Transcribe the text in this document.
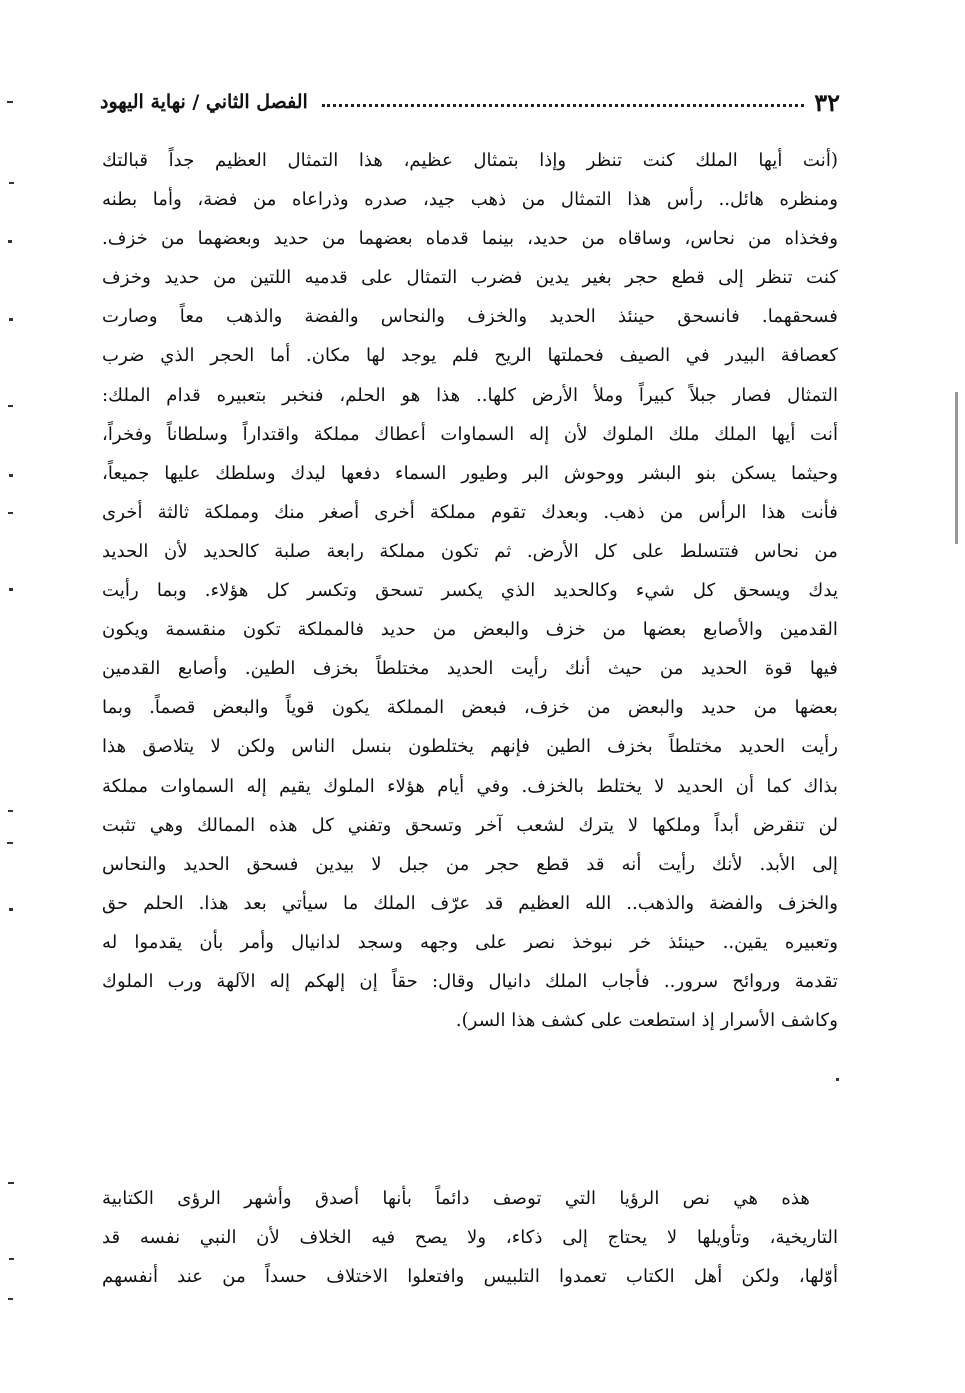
٣٢
الفصل الثاني / نهاية اليهود
(أنت أيها الملك كنت تنظر وإذا بتمثال عظيم، هذا التمثال العظيم جداً قبالتك
ومنظره هائل.. رأس هذا التمثال من ذهب جيد، صدره وذراعاه من فضة، وأما بطنه
وفخذاه من نحاس، وساقاه من حديد، بينما قدماه بعضهما من حديد وبعضهما من خزف.
كنت تنظر إلى قطع حجر بغير يدين فضرب التمثال على قدميه اللتين من حديد وخزف
فسحقهما. فانسحق حينئذ الحديد والخزف والنحاس والفضة والذهب معاً وصارت
كعصافة البيدر في الصيف فحملتها الريح فلم يوجد لها مكان. أما الحجر الذي ضرب
التمثال فصار جبلاً كبيراً وملأ الأرض كلها.. هذا هو الحلم، فنخبر بتعبيره قدام الملك:
أنت أيها الملك ملك الملوك لأن إله السماوات أعطاك مملكة واقتداراً وسلطاناً وفخراً،
وحيثما يسكن بنو البشر ووحوش البر وطيور السماء دفعها ليدك وسلطك عليها جميعاً،
فأنت هذا الرأس من ذهب. وبعدك تقوم مملكة أخرى أصغر منك ومملكة ثالثة أخرى
من نحاس فتتسلط على كل الأرض. ثم تكون مملكة رابعة صلبة كالحديد لأن الحديد
يدك ويسحق كل شيء وكالحديد الذي يكسر تسحق وتكسر كل هؤلاء. وبما رأيت
القدمين والأصابع بعضها من خزف والبعض من حديد فالمملكة تكون منقسمة ويكون
فيها قوة الحديد من حيث أنك رأيت الحديد مختلطاً بخزف الطين. وأصابع القدمين
بعضها من حديد والبعض من خزف، فبعض المملكة يكون قوياً والبعض قصماً. وبما
رأيت الحديد مختلطاً بخزف الطين فإنهم يختلطون بنسل الناس ولكن لا يتلاصق هذا
بذاك كما أن الحديد لا يختلط بالخزف. وفي أيام هؤلاء الملوك يقيم إله السماوات مملكة
لن تنقرض أبداً وملكها لا يترك لشعب آخر وتسحق وتفني كل هذه الممالك وهي تثبت
إلى الأبد. لأنك رأيت أنه قد قطع حجر من جبل لا بيدين فسحق الحديد والنحاس
والخزف والفضة والذهب.. الله العظيم قد عرّف الملك ما سيأتي بعد هذا. الحلم حق
وتعبيره يقين.. حينئذ خر نبوخذ نصر على وجهه وسجد لدانيال وأمر بأن يقدموا له
تقدمة وروائح سرور.. فأجاب الملك دانيال وقال: حقاً إن إلهكم إله الآلهة ورب الملوك
وكاشف الأسرار إذ استطعت على كشف هذا السر).
هذه هي نص الرؤيا التي توصف دائماً بأنها أصدق وأشهر الرؤى الكتابية
التاريخية، وتأويلها لا يحتاج إلى ذكاء، ولا يصح فيه الخلاف لأن النبي نفسه قد
أوّلها، ولكن أهل الكتاب تعمدوا التلبيس وافتعلوا الاختلاف حسداً من عند أنفسهم
